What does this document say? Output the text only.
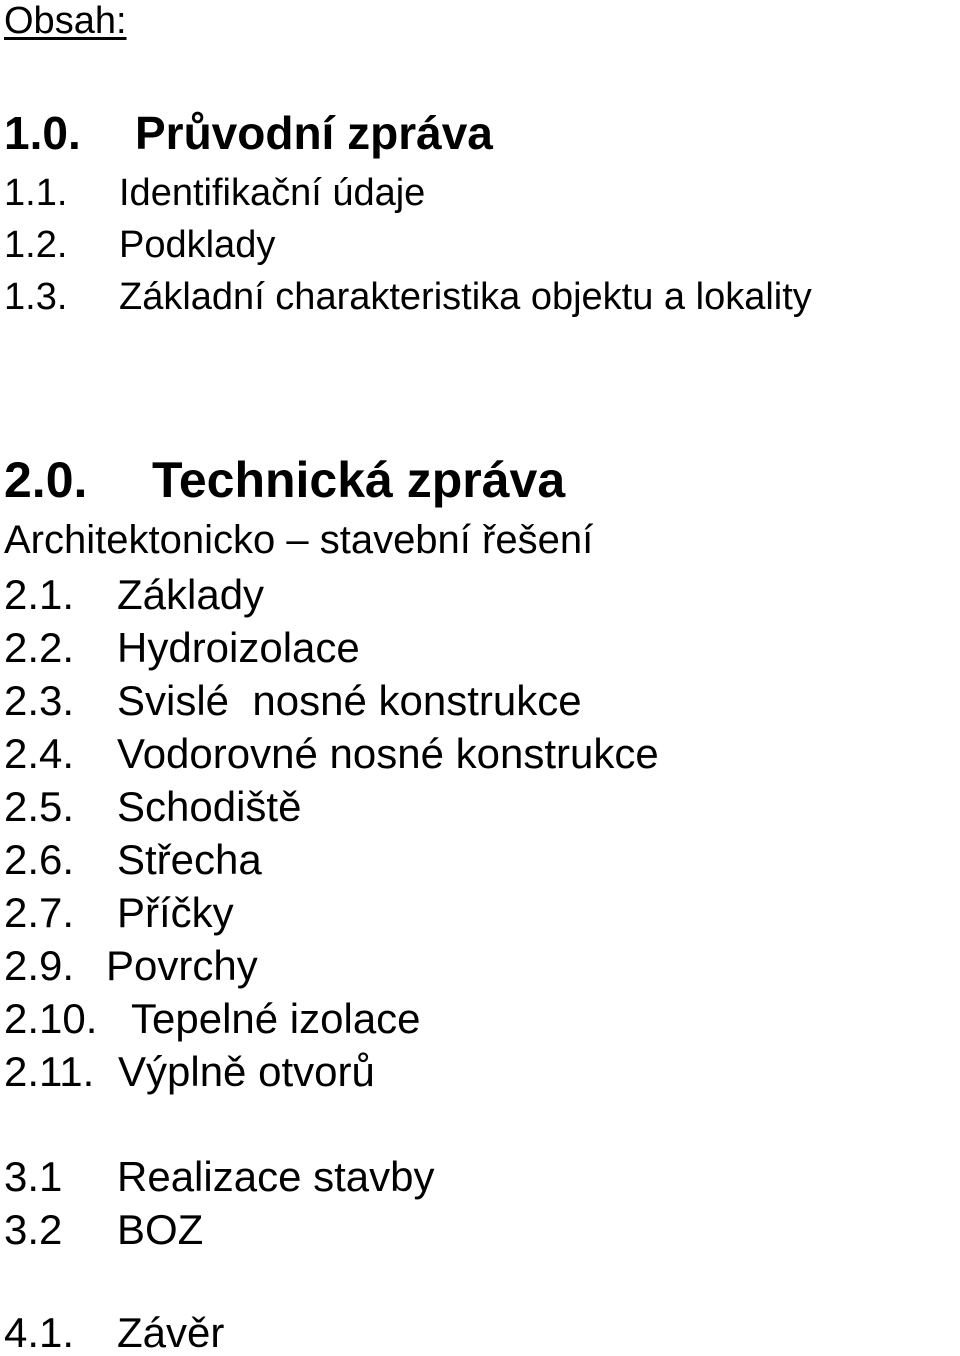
Obsah:
1.0. Průvodní zpráva
1.1. Identifikační údaje
1.2. Podklady
1.3. Základní charakteristika objektu a lokality
2.0. Technická zpráva
Architektonicko – stavební řešení
2.1. Základy
2.2. Hydroizolace
2.3. Svislé  nosné konstrukce
2.4. Vodorovné nosné konstrukce
2.5. Schodiště
2.6. Střecha
2.7. Příčky
2.9. Povrchy
2.10. Tepelné izolace
2.11. Výplně otvorů
3.1 Realizace stavby
3.2 BOZ
4.1. Závěr
